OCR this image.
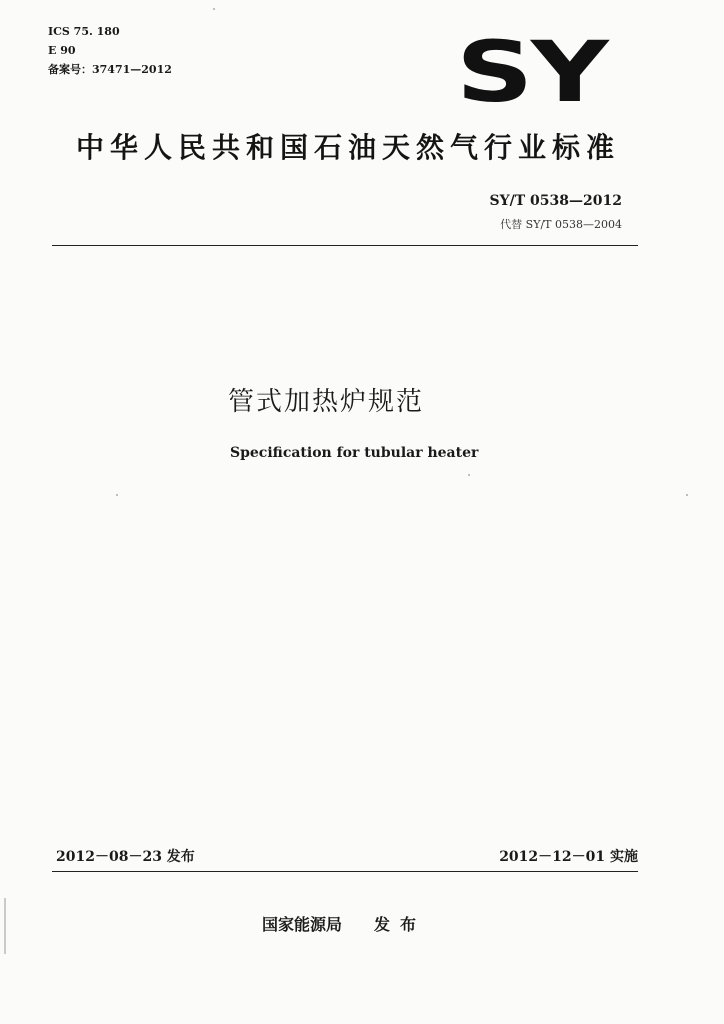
ICS 75. 180
E 90
备案号：37471—2012	SY
中华人民共和国石油天然气行业标准
SY/T 0538—2012
代替 SY/T 0538—2004
管式加热炉规范
Specification for tubular heater
2012－08－23 发布	2012－12－01 实施
国家能源局 发布
